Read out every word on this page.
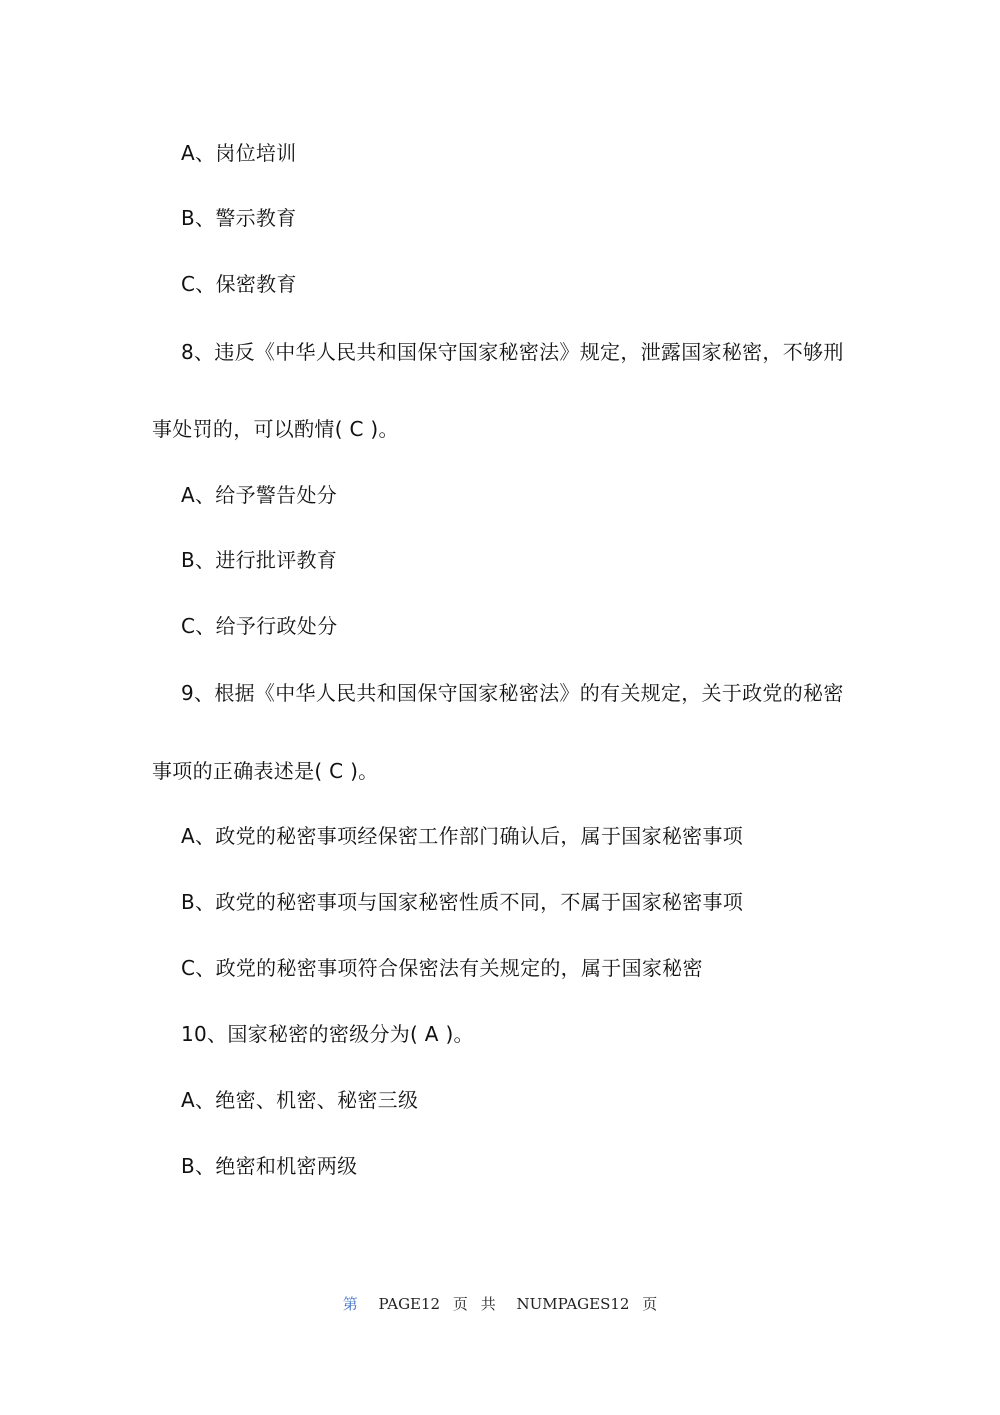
A、岗位培训
B、警示教育
C、保密教育
8、违反《中华人民共和国保守国家秘密法》规定，泄露国家秘密，不够刑
事处罚的，可以酌情( C )。
A、给予警告处分
B、进行批评教育
C、给予行政处分
9、根据《中华人民共和国保守国家秘密法》的有关规定，关于政党的秘密
事项的正确表述是( C )。
A、政党的秘密事项经保密工作部门确认后，属于国家秘密事项
B、政党的秘密事项与国家秘密性质不同，不属于国家秘密事项
C、政党的秘密事项符合保密法有关规定的，属于国家秘密
10、国家秘密的密级分为( A )。
A、绝密、机密、秘密三级
B、绝密和机密两级
第 PAGE12 页 共 NUMPAGES12 页
